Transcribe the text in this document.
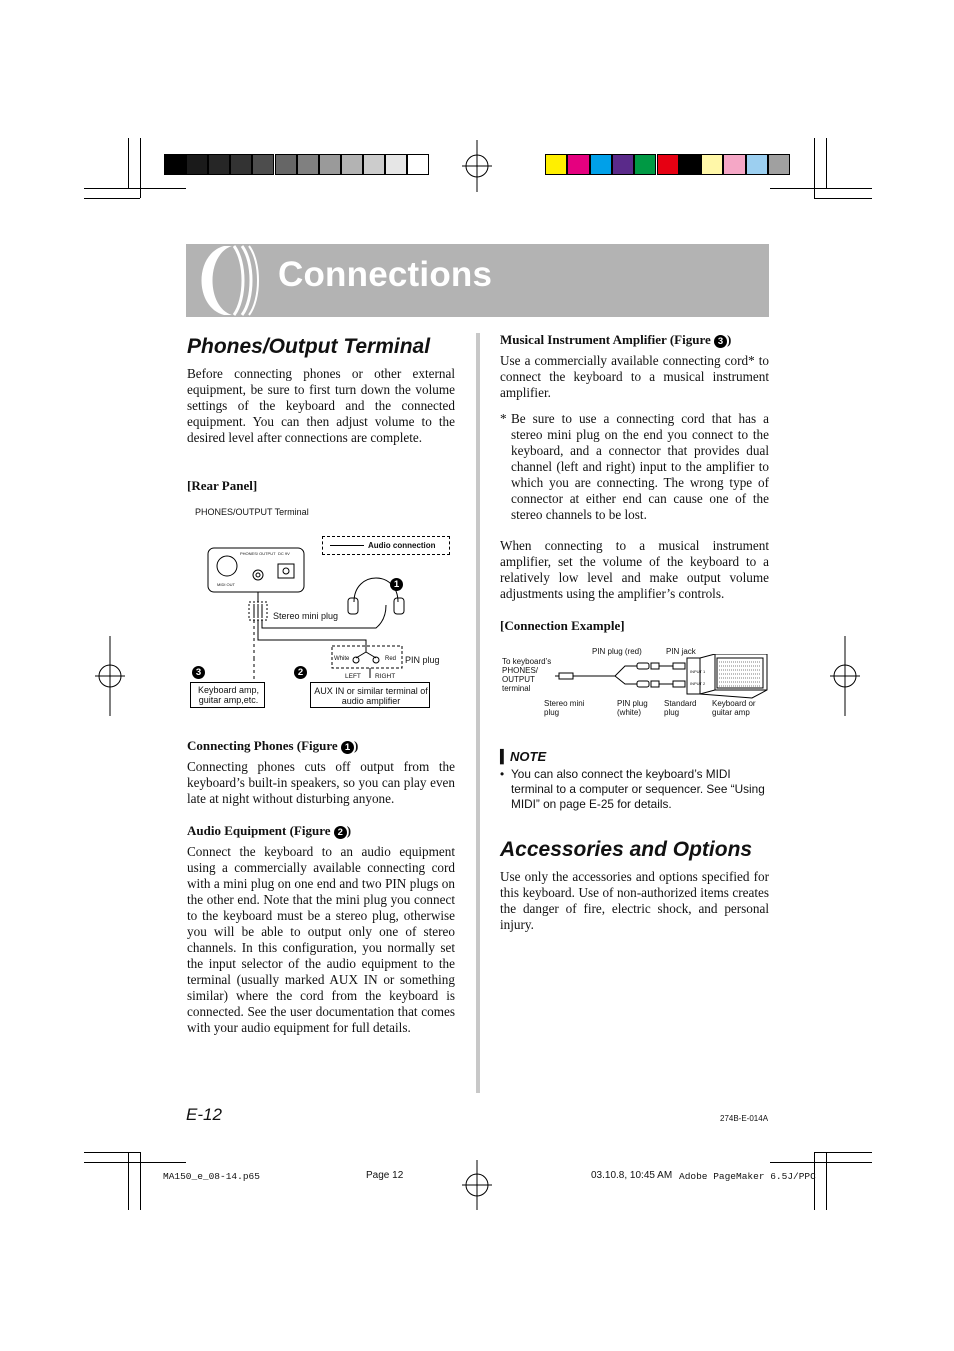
Connections
Phones/Output Terminal

Before connecting phones or other external equipment, be sure to first turn down the volume settings of the keyboard and the connected equipment. You can then adjust volume to the desired level after connections are complete.

[Rear Panel]

PHONES/OUTPUT Terminal
Audio connection
PHONES/ OUTPUT DC 9V
MIDI OUT
Stereo mini plug
PIN plug
White	Red
LEFT RIGHT
1
2
3
Keyboard amp, guitar amp,etc.
AUX IN or similar terminal of audio amplifier

Connecting Phones (Figure 1 )

Connecting phones cuts off output from the keyboard’s built-in speakers, so you can play even late at night without disturbing anyone.

Audio Equipment (Figure 2 )

Connect the keyboard to an audio equipment using a commercially available connecting cord with a mini plug on one end and two PIN plugs on the other end. Note that the mini plug you connect to the keyboard must be a stereo plug, otherwise you will be able to output only one of stereo channels. In this configuration, you normally set the input selector of the audio equipment to the terminal (usually marked AUX IN or something similar) where the cord from the keyboard is connected. See the user documentation that comes with your audio equipment for full details.

Musical Instrument Amplifier (Figure 3 )

Use a commercially available connecting cord* to connect the keyboard to a musical instrument amplifier.

* Be sure to use a connecting cord that has a stereo mini plug on the end you connect to the keyboard, and a connector that provides dual channel (left and right) input to the amplifier to which you are connecting. The wrong type of connector at either end can cause one of the stereo channels to be lost.

When connecting to a musical instrument amplifier, set the volume of the keyboard to a relatively low level and make output volume adjustments using the amplifier’s controls.

[Connection Example]

PIN plug (red)	PIN jack
To keyboard’s PHONES/ OUTPUT terminal
Stereo mini plug
PIN plug (white)
Standard plug
Keyboard or guitar amp
INPUT 1
INPUT 2
▍NOTE
• You can also connect the keyboard’s MIDI terminal to a computer or sequencer. See “Using MIDI” on page E-25 for details.
Accessories and Options

Use only the accessories and options specified for this keyboard. Use of non-authorized items creates the danger of fire, electric shock, and personal injury.

E-12	274B-E-014A
MA150_e_08-14.p65	Page 12	03.10.8, 10:45 AM Adobe PageMaker 6.5J/PPC
